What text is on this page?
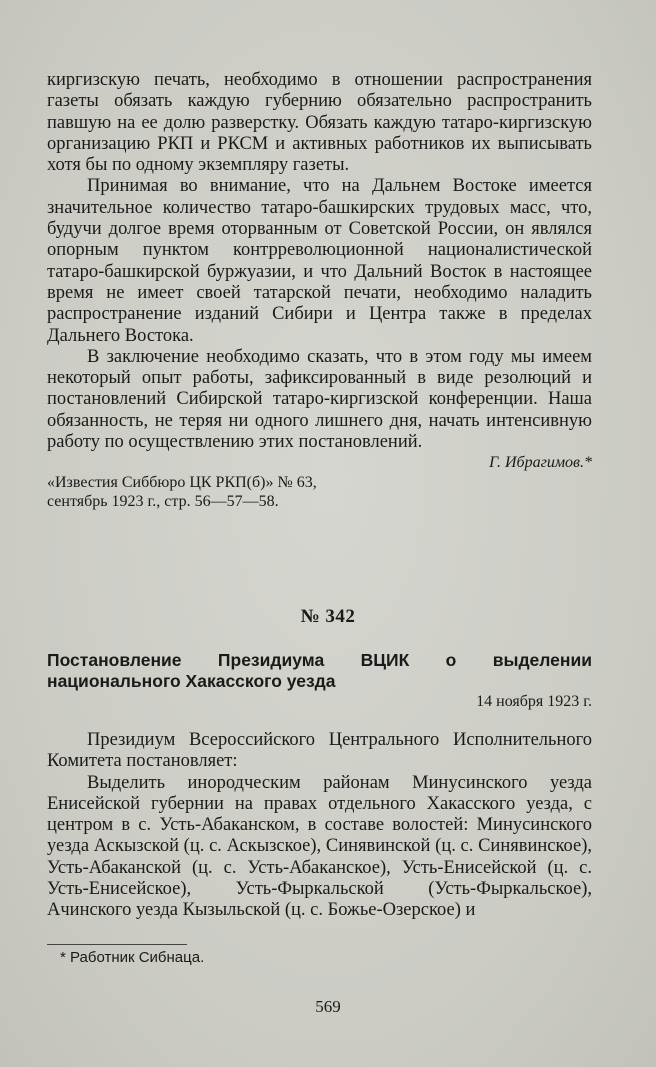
киргизскую печать, необходимо в отношении распространения газеты обязать каждую губернию обязательно распространить павшую на ее долю разверстку. Обязать каждую татаро-киргизскую организацию РКП и РКСМ и активных работников их выписывать хотя бы по одному экземпляру газеты.

Принимая во внимание, что на Дальнем Востоке имеется значительное количество татаро-башкирских трудовых масс, что, будучи долгое время оторванным от Советской России, он являлся опорным пунктом контрреволюционной националистической татаро-башкирской буржуазии, и что Дальний Восток в настоящее время не имеет своей татарской печати, необходимо наладить распространение изданий Сибири и Центра также в пределах Дальнего Востока.

В заключение необходимо сказать, что в этом году мы имеем некоторый опыт работы, зафиксированный в виде резолюций и постановлений Сибирской татаро-киргизской конференции. Наша обязанность, не теряя ни одного лишнего дня, начать интенсивную работу по осуществлению этих постановлений.

Г. Ибрагимов.*
«Известия Сиббюро ЦК РКП(б)» № 63, сентябрь 1923 г., стр. 56—57—58.
№ 342

Постановление Президиума ВЦИК о выделении национального Хакасского уезда

14 ноября 1923 г.

Президиум Всероссийского Центрального Исполнительного Комитета постановляет:

Выделить инородческим районам Минусинского уезда Енисейской губернии на правах отдельного Хакасского уезда, с центром в с. Усть-Абаканском, в составе волостей: Минусинского уезда Аскызской (ц. с. Аскызское), Синявинской (ц. с. Синявинское), Усть-Абаканской (ц. с. Усть-Абаканское), Усть-Енисейской (ц. с. Усть-Енисейское), Усть-Фыркальской (Усть-Фыркальское), Ачинского уезда Кызыльской (ц. с. Божье-Озерское) и

* Работник Сибнаца.
569
